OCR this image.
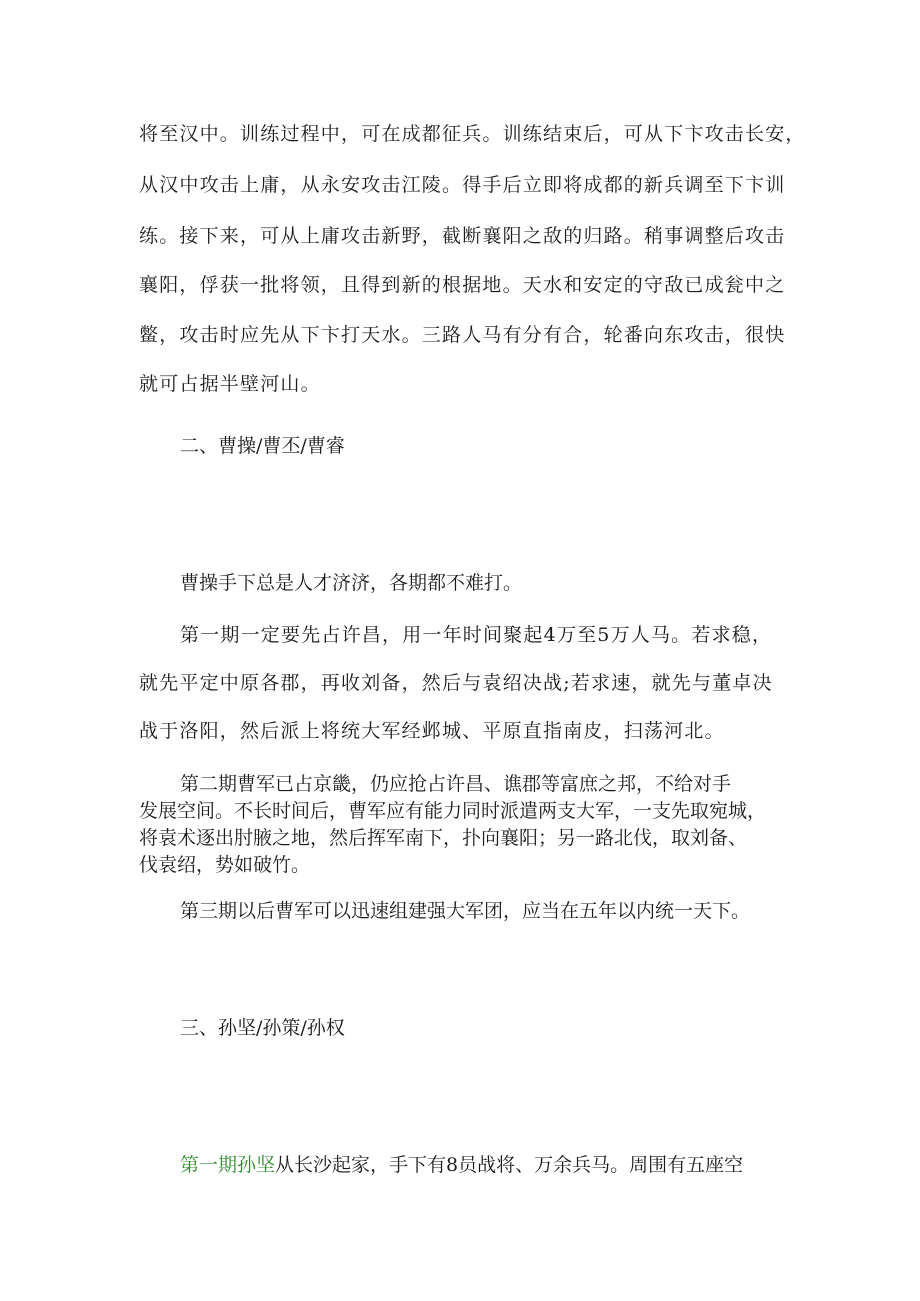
将至汉中。训练过程中，可在成都征兵。训练结束后，可从下卞攻击长安，
从汉中攻击上庸，从永安攻击江陵。得手后立即将成都的新兵调至下卞训
练。接下来，可从上庸攻击新野，截断襄阳之敌的归路。稍事调整后攻击
襄阳，俘获一批将领，且得到新的根据地。天水和安定的守敌已成瓮中之
鳖，攻击时应先从下卞打天水。三路人马有分有合，轮番向东攻击，很快
就可占据半壁河山。
二、曹操/曹丕/曹睿
曹操手下总是人才济济，各期都不难打。
第一期一定要先占许昌，用一年时间聚起4万至5万人马。若求稳，
就先平定中原各郡，再收刘备，然后与袁绍决战;若求速，就先与董卓决
战于洛阳，然后派上将统大军经邺城、平原直指南皮，扫荡河北。
第二期曹军已占京畿，仍应抢占许昌、谯郡等富庶之邦，不给对手
发展空间。不长时间后，曹军应有能力同时派遣两支大军，一支先取宛城，
将袁术逐出肘腋之地，然后挥军南下，扑向襄阳；另一路北伐，取刘备、
伐袁绍，势如破竹。
第三期以后曹军可以迅速组建强大军团，应当在五年以内统一天下。
三、孙坚/孙策/孙权
第一期孙坚从长沙起家，手下有8员战将、万余兵马。周围有五座空
